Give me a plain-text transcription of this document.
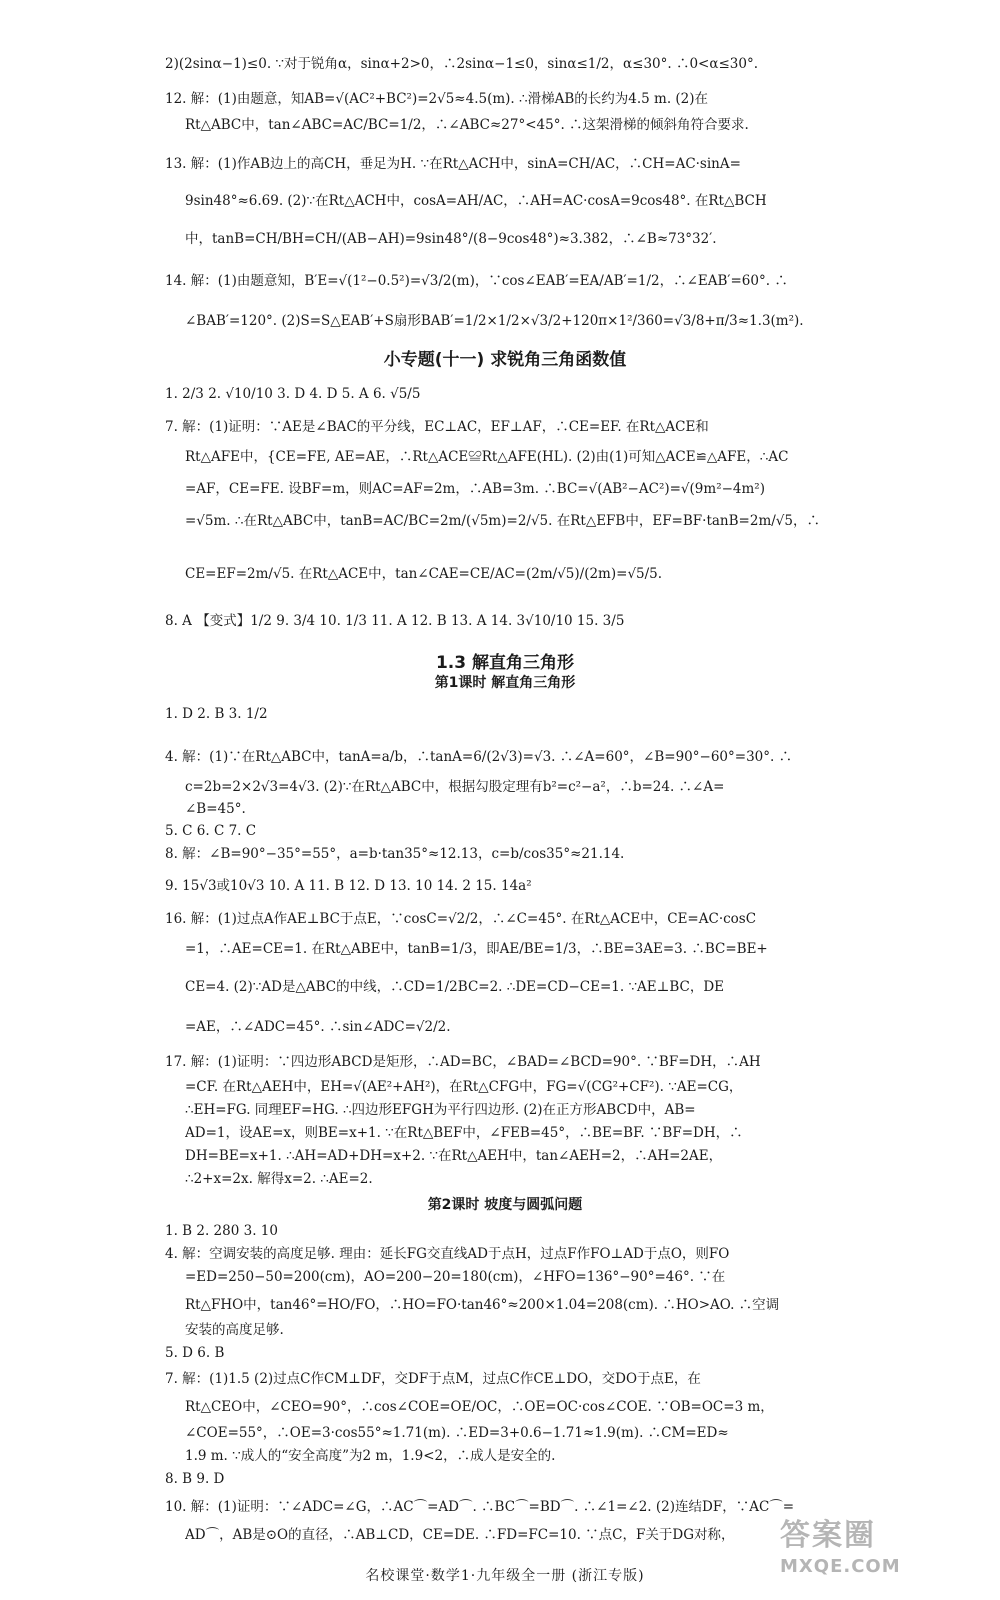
2)(2sinα−1)≤0. ∵对于锐角α，sinα+2>0，∴2sinα−1≤0，sinα≤1/2，α≤30°. ∴0<α≤30°.
12. 解：(1)由题意，知AB=√(AC²+BC²)=2√5≈4.5(m). ∴滑梯AB的长约为4.5 m. (2)在
Rt△ABC中，tan∠ABC=AC/BC=1/2，∴∠ABC≈27°<45°. ∴这架滑梯的倾斜角符合要求.
13. 解：(1)作AB边上的高CH，垂足为H. ∵在Rt△ACH中，sinA=CH/AC，∴CH=AC·sinA=
9sin48°≈6.69. (2)∵在Rt△ACH中，cosA=AH/AC，∴AH=AC·cosA=9cos48°. 在Rt△BCH
中，tanB=CH/BH=CH/(AB−AH)=9sin48°/(8−9cos48°)≈3.382，∴∠B≈73°32′.
14. 解：(1)由题意知，B′E=√(1²−0.5²)=√3/2(m)，∵cos∠EAB′=EA/AB′=1/2，∴∠EAB′=60°. ∴
∠BAB′=120°. (2)S=S△EAB′+S扇形BAB′=1/2×1/2×√3/2+120π×1²/360=√3/8+π/3≈1.3(m²).
小专题(十一) 求锐角三角函数值
1. 2/3 2. √10/10 3. D 4. D 5. A 6. √5/5
7. 解：(1)证明：∵AE是∠BAC的平分线，EC⊥AC，EF⊥AF，∴CE=EF. 在Rt△ACE和
Rt△AFE中，{CE=FE, AE=AE，∴Rt△ACE≌Rt△AFE(HL). (2)由(1)可知△ACE≌△AFE，∴AC
=AF，CE=FE. 设BF=m，则AC=AF=2m，∴AB=3m. ∴BC=√(AB²−AC²)=√(9m²−4m²)
=√5m. ∴在Rt△ABC中，tanB=AC/BC=2m/(√5m)=2/√5. 在Rt△EFB中，EF=BF·tanB=2m/√5，∴
CE=EF=2m/√5. 在Rt△ACE中，tan∠CAE=CE/AC=(2m/√5)/(2m)=√5/5.
8. A 【变式】1/2 9. 3/4 10. 1/3 11. A 12. B 13. A 14. 3√10/10 15. 3/5
1.3 解直角三角形
第1课时 解直角三角形
1. D 2. B 3. 1/2
4. 解：(1)∵在Rt△ABC中，tanA=a/b，∴tanA=6/(2√3)=√3. ∴∠A=60°，∠B=90°−60°=30°. ∴
c=2b=2×2√3=4√3. (2)∵在Rt△ABC中，根据勾股定理有b²=c²−a²，∴b=24. ∴∠A=
∠B=45°.
5. C 6. C 7. C
8. 解：∠B=90°−35°=55°，a=b·tan35°≈12.13，c=b/cos35°≈21.14.
9. 15√3或10√3 10. A 11. B 12. D 13. 10 14. 2 15. 14a²
16. 解：(1)过点A作AE⊥BC于点E，∵cosC=√2/2，∴∠C=45°. 在Rt△ACE中，CE=AC·cosC
=1，∴AE=CE=1. 在Rt△ABE中，tanB=1/3，即AE/BE=1/3，∴BE=3AE=3. ∴BC=BE+
CE=4. (2)∵AD是△ABC的中线，∴CD=1/2BC=2. ∴DE=CD−CE=1. ∵AE⊥BC，DE
=AE，∴∠ADC=45°. ∴sin∠ADC=√2/2.
17. 解：(1)证明：∵四边形ABCD是矩形，∴AD=BC，∠BAD=∠BCD=90°. ∵BF=DH，∴AH
=CF. 在Rt△AEH中，EH=√(AE²+AH²)，在Rt△CFG中，FG=√(CG²+CF²). ∵AE=CG，
∴EH=FG. 同理EF=HG. ∴四边形EFGH为平行四边形. (2)在正方形ABCD中，AB=
AD=1，设AE=x，则BE=x+1. ∵在Rt△BEF中，∠FEB=45°，∴BE=BF. ∵BF=DH，∴
DH=BE=x+1. ∴AH=AD+DH=x+2. ∵在Rt△AEH中，tan∠AEH=2，∴AH=2AE，
∴2+x=2x. 解得x=2. ∴AE=2.
第2课时 坡度与圆弧问题
1. B 2. 280 3. 10
4. 解：空调安装的高度足够. 理由：延长FG交直线AD于点H，过点F作FO⊥AD于点O，则FO
=ED=250−50=200(cm)，AO=200−20=180(cm)，∠HFO=136°−90°=46°. ∵在
Rt△FHO中，tan46°=HO/FO，∴HO=FO·tan46°≈200×1.04=208(cm). ∴HO>AO. ∴空调
安装的高度足够.
5. D 6. B
7. 解：(1)1.5 (2)过点C作CM⊥DF，交DF于点M，过点C作CE⊥DO，交DO于点E，在
Rt△CEO中，∠CEO=90°，∴cos∠COE=OE/OC，∴OE=OC·cos∠COE. ∵OB=OC=3 m，
∠COE=55°，∴OE=3·cos55°≈1.71(m). ∴ED=3+0.6−1.71≈1.9(m). ∴CM=ED≈
1.9 m. ∵成人的“安全高度”为2 m，1.9<2，∴成人是安全的.
8. B 9. D
10. 解：(1)证明：∵∠ADC=∠G，∴AC⌒=AD⌒. ∴BC⌒=BD⌒. ∴∠1=∠2. (2)连结DF，∵AC⌒=
AD⌒，AB是⊙O的直径，∴AB⊥CD，CE=DE. ∴FD=FC=10. ∵点C，F关于DG对称，
名校课堂·数学1·九年级全一册 (浙江专版)
答案圈
MXQE.COM
